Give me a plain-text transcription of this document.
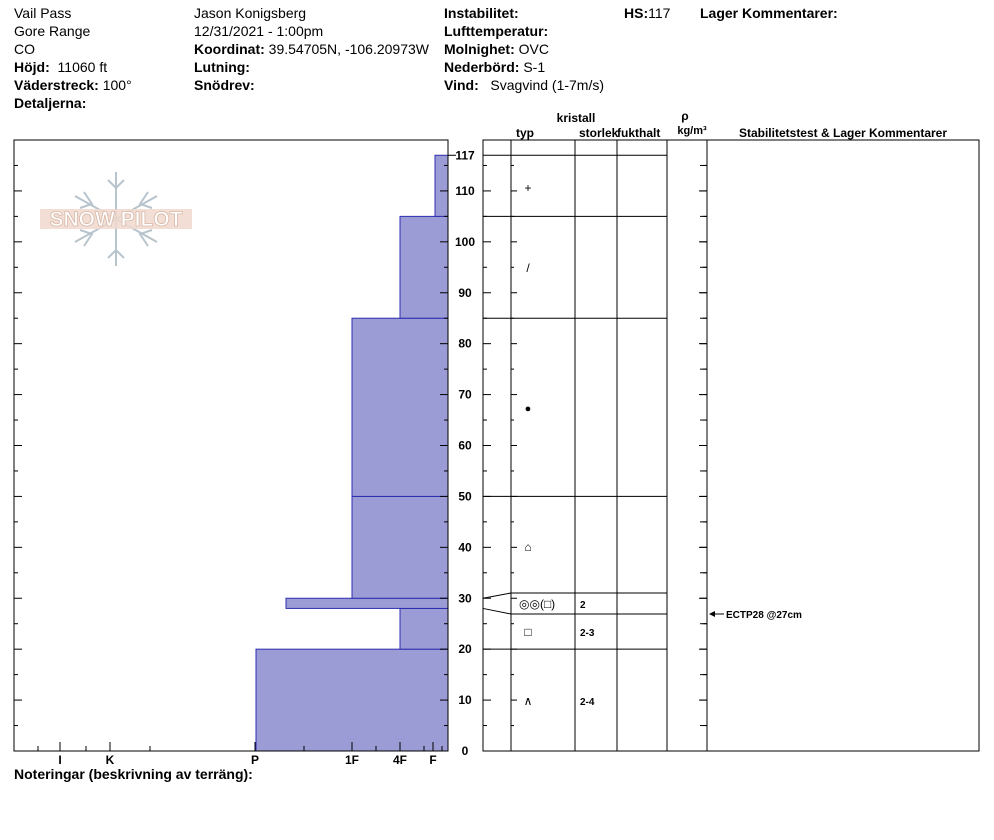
Vail Pass
Gore Range
CO
Höjd: 11060 ft
Väderstreck: 100°
Detaljerna:
Jason Konigsberg
12/31/2021 - 1:00pm
Koordinat: 39.54705N, -106.20973W
Lutning:
Snödrev:
Instabilitet:
Lufttemperatur:
Molnighet: OVC
Nederbörd: S-1
Vind: Svagvind (1-7m/s)
HS:117 Lager Kommentarer:
SNOW PILOT
I	K	P	1F	4F F
0
10
20
30
40
50
60
70
80
90
100
110
117
kristall
typ	storlek
fukthalt
ρ
kg/m³	Stabilitetstest & Lager Kommentarer
+
/
●
⌂
◎◎(□) 2
□	2-3
∧	2-4
ECTP28 @27cm
Noteringar (beskrivning av terräng):
